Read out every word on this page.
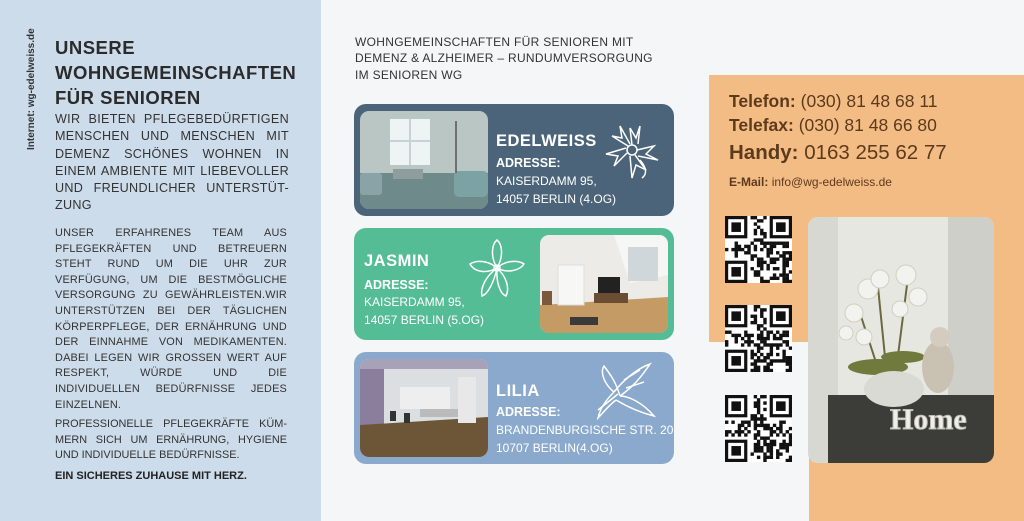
Internet: wg-edelweiss.de UNSERE
WOHNGEMEINSCHAFTEN
FÜR SENIOREN
WIR BIETEN PFLEGEBEDÜRFTIGEN MENSCHEN UND MENSCHEN MIT DEMENZ SCHÖNES WOHNEN IN EINEM AMBIENTE MIT LIEBEVOLLER UND FREUNDLICHER UNTERSTÜT-ZUNG
UNSER ERFAHRENES TEAM AUS PFLEGEKRÄFTEN UND BETREUERN STEHT RUND UM DIE UHR ZUR VERFÜGUNG, UM DIE BESTMÖGLICHE VERSORGUNG ZU GEWÄHRLEISTEN.WIR UNTERSTÜTZEN BEI DER TÄGLICHEN KÖRPERPFLEGE, DER ERNÄHRUNG UND DER EINNAHME VON MEDIKAMENTEN. DABEI LEGEN WIR GROSSEN WERT AUF RESPEKT, WÜRDE UND DIE INDIVIDUELLEN BEDÜRFNISSE JEDES EINZELNEN.
PROFESSIONELLE PFLEGEKRÄFTE KÜM-MERN SICH UM ERNÄHRUNG, HYGIENE UND INDIVIDUELLE BEDÜRFNISSE.
EIN SICHERES ZUHAUSE MIT HERZ.
WOHNGEMEINSCHAFTEN FÜR SENIOREN MIT DEMENZ & ALZHEIMER – RUNDUMVERSORGUNG IM SENIOREN WG
EDELWEISS
ADRESSE:
KAISERDAMM 95,
14057 BERLIN (4.OG)
JASMIN
ADRESSE:
KAISERDAMM 95,
14057 BERLIN (5.OG)
LILIA
ADRESSE:
BRANDENBURGISCHE STR. 20
10707 BERLIN(4.OG)
Telefon: (030) 81 48 68 11
Telefax: (030) 81 48 66 80
Handy: 0163 255 62 77
E-Mail: info@wg-edelweiss.de
Home
